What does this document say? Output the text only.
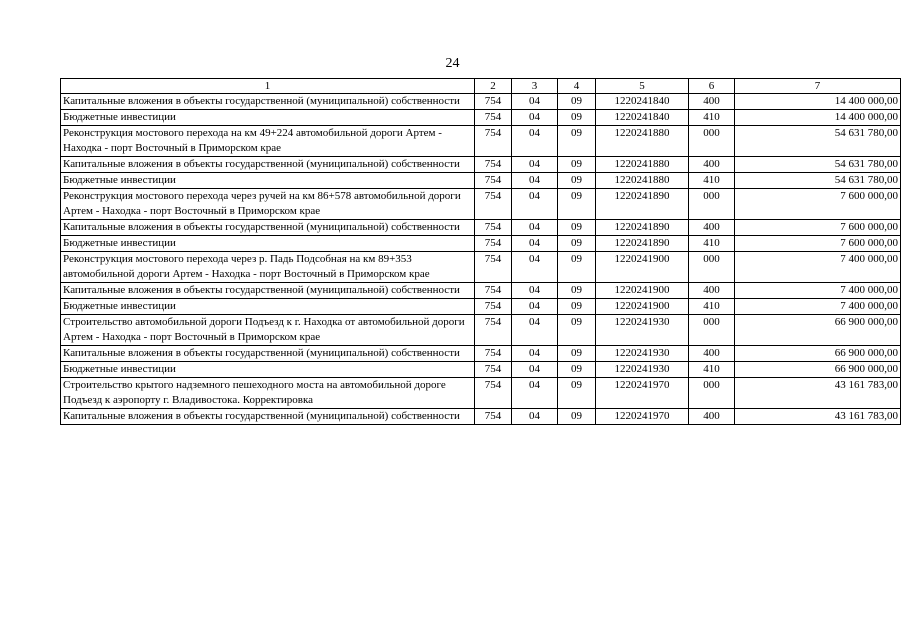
24
1	2	3	4	5	6	7
Капитальные вложения в объекты государственной (муниципальной) собственности	754	04	09	1220241840	400	14 400 000,00
Бюджетные инвестиции	754	04	09	1220241840	410	14 400 000,00
Реконструкция мостового перехода на км 49+224 автомобильной дороги Артем - Находка - порт Восточный в Приморском крае	754	04	09	1220241880	000	54 631 780,00
Капитальные вложения в объекты государственной (муниципальной) собственности	754	04	09	1220241880	400	54 631 780,00
Бюджетные инвестиции	754	04	09	1220241880	410	54 631 780,00
Реконструкция мостового перехода через ручей на км 86+578 автомобильной дороги Артем - Находка - порт Восточный в Приморском крае	754	04	09	1220241890	000	7 600 000,00
Капитальные вложения в объекты государственной (муниципальной) собственности	754	04	09	1220241890	400	7 600 000,00
Бюджетные инвестиции	754	04	09	1220241890	410	7 600 000,00
Реконструкция мостового перехода через р. Падь Подсобная на км 89+353 автомобильной дороги Артем - Находка - порт Восточный в Приморском крае	754	04	09	1220241900	000	7 400 000,00
Капитальные вложения в объекты государственной (муниципальной) собственности	754	04	09	1220241900	400	7 400 000,00
Бюджетные инвестиции	754	04	09	1220241900	410	7 400 000,00
Строительство автомобильной дороги Подъезд к г. Находка от автомобильной дороги Артем - Находка - порт Восточный в Приморском крае	754	04	09	1220241930	000	66 900 000,00
Капитальные вложения в объекты государственной (муниципальной) собственности	754	04	09	1220241930	400	66 900 000,00
Бюджетные инвестиции	754	04	09	1220241930	410	66 900 000,00
Строительство крытого надземного пешеходного моста на автомобильной дороге Подъезд к аэропорту г. Владивостока. Корректировка	754	04	09	1220241970	000	43 161 783,00
Капитальные вложения в объекты государственной (муниципальной) собственности	754	04	09	1220241970	400	43 161 783,00
